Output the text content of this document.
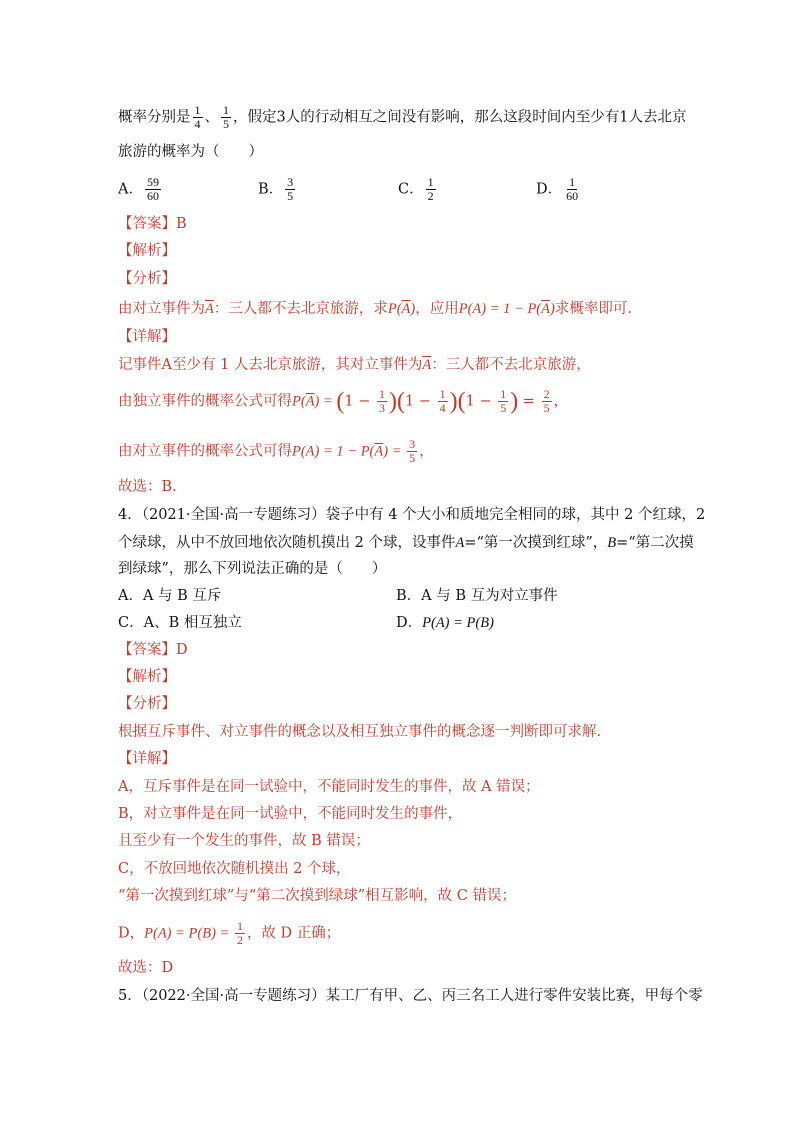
概率分别是 $\frac{1}{4}$ 、 $\frac{1}{5}$ ，假定3人的行动相互之间没有影响，那么这段时间内至少有1人去北京
旅游的概率为（　　）
A． $\frac{59}{60}$	B． $\frac{3}{5}$	C． $\frac{1}{2}$	D． $\frac{1}{60}$
【答案】B
【解析】
【分析】
由对立事件为$\overline{A}$：三人都不去北京旅游，求$P(\overline{A})$，应用$P(A) = 1 - P(\overline{A})$求概率即可.
【详解】
记事件A至少有 1 人去北京旅游，其对立事件为$\overline{A}$：三人都不去北京旅游，
由独立事件的概率公式可得$P(\overline{A}) = (1 - \frac{1}{3} )(1 - \frac{1}{4} )(1 - \frac{1}{5}$ ) = $\frac{2}{5}$ ，
由对立事件的概率公式可得$P(A) = 1 - P(\overline{A}) = \frac{3}{5}$ ，
故选：B.
4．（2021·全国·高一专题练习）袋子中有 4 个大小和质地完全相同的球，其中 2 个红球，2
个绿球，从中不放回地依次随机摸出 2 个球，设事件A=“第一次摸到红球”，B=“第二次摸
到绿球”，那么下列说法正确的是（　　）
A．A 与 B 互斥	B．A 与 B 互为对立事件
C．A、B 相互独立	D．P(A) = P(B)
【答案】D
【解析】
【分析】
根据互斥事件、对立事件的概念以及相互独立事件的概念逐一判断即可求解.
【详解】
A，互斥事件是在同一试验中，不能同时发生的事件，故 A 错误；
B，对立事件是在同一试验中，不能同时发生的事件，
且至少有一个发生的事件，故 B 错误；
C，不放回地依次随机摸出 2 个球，
“第一次摸到红球”与“第二次摸到绿球”相互影响，故 C 错误；
D，$P(A) = P(B) = \frac{1}{2}$ ，故 D 正确；
故选：D
5．（2022·全国·高一专题练习）某工厂有甲、乙、丙三名工人进行零件安装比赛，甲每个零
